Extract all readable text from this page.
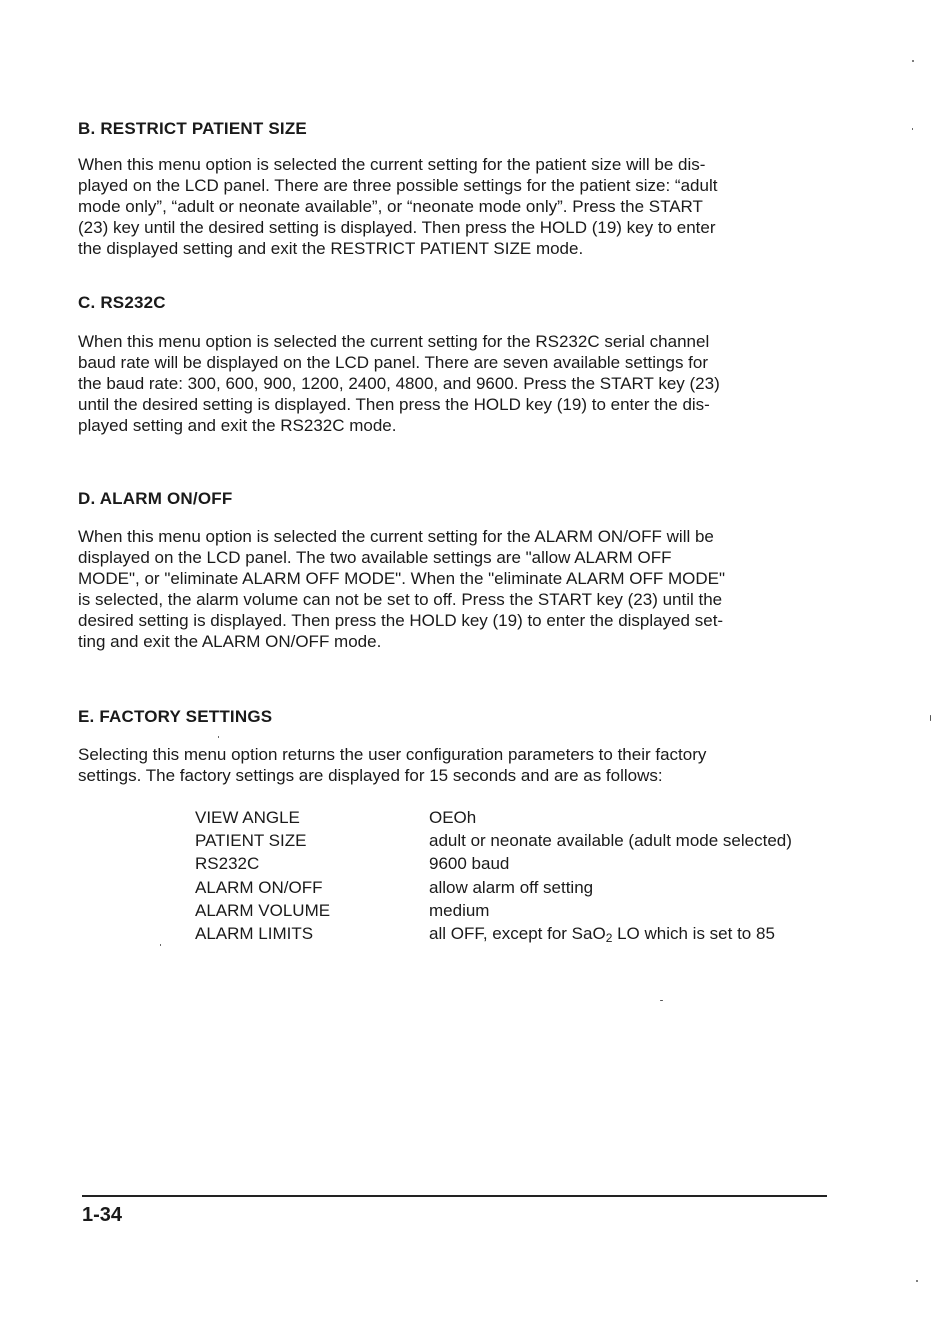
B. RESTRICT PATIENT SIZE
When this menu option is selected the current setting for the patient size will be dis-
played on the LCD panel. There are three possible settings for the patient size: “adult
mode only”, “adult or neonate available”, or “neonate mode only”. Press the START
(23) key until the desired setting is displayed. Then press the HOLD (19) key to enter
the displayed setting and exit the RESTRICT PATIENT SIZE mode.
C. RS232C
When this menu option is selected the current setting for the RS232C serial channel
baud rate will be displayed on the LCD panel. There are seven available settings for
the baud rate: 300, 600, 900, 1200, 2400, 4800, and 9600. Press the START key (23)
until the desired setting is displayed. Then press the HOLD key (19) to enter the dis-
played setting and exit the RS232C mode.
D. ALARM ON/OFF
When this menu option is selected the current setting for the ALARM ON/OFF will be
displayed on the LCD panel. The two available settings are "allow ALARM OFF
MODE", or "eliminate ALARM OFF MODE". When the "eliminate ALARM OFF MODE"
is selected, the alarm volume can not be set to off. Press the START key (23) until the
desired setting is displayed. Then press the HOLD key (19) to enter the displayed set-
ting and exit the ALARM ON/OFF mode.
E. FACTORY SETTINGS
Selecting this menu option returns the user configuration parameters to their factory
settings. The factory settings are displayed for 15 seconds and are as follows:
VIEW ANGLE	OEOh
PATIENT SIZE	adult or neonate available (adult mode selected)
RS232C	9600 baud
ALARM ON/OFF	allow alarm off setting
ALARM VOLUME	medium
ALARM LIMITS	all OFF, except for SaO$_2$ LO which is set to 85
1-34
